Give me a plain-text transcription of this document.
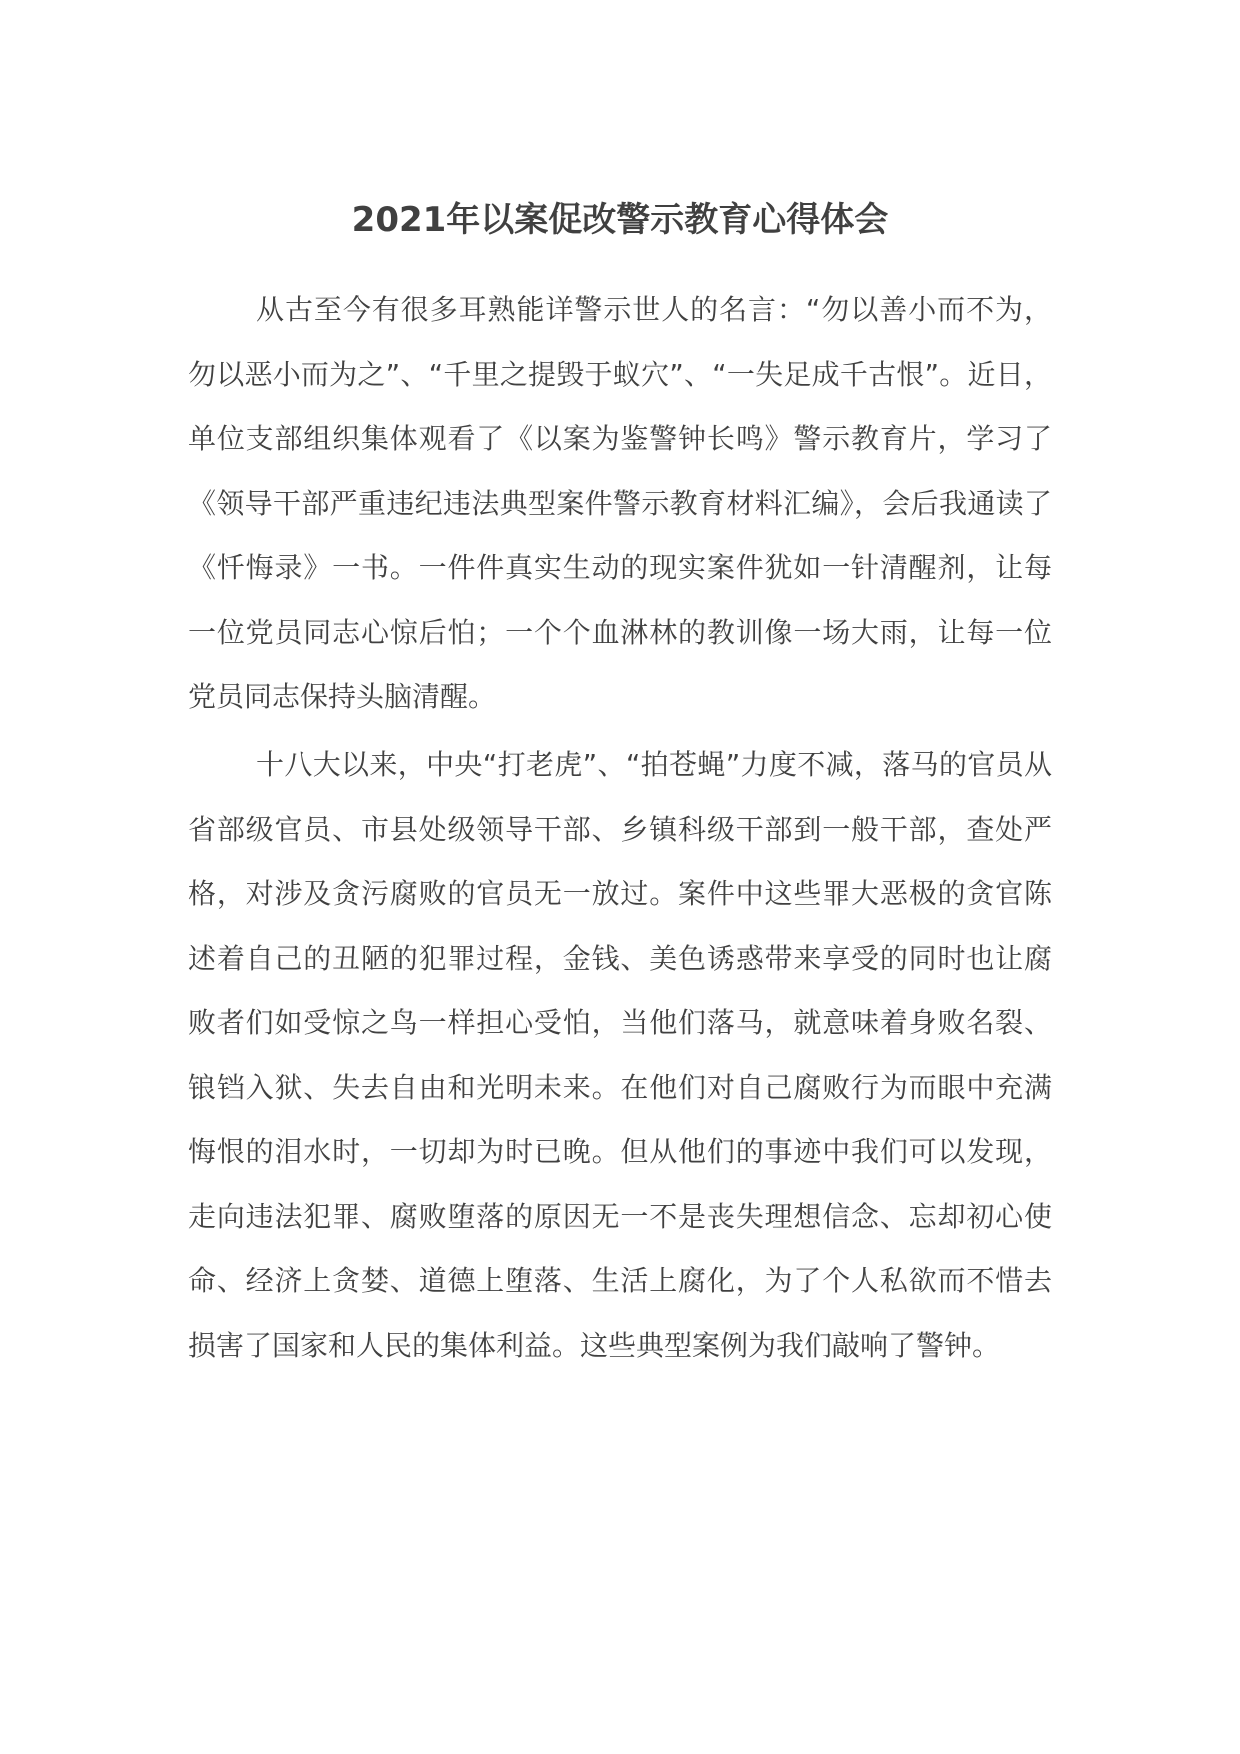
2021年以案促改警示教育心得体会

从古至今有很多耳熟能详警示世人的名言：“勿以善小而不为，勿以恶小而为之”、“千里之提毁于蚁穴”、“一失足成千古恨”。近日，单位支部组织集体观看了《以案为鉴警钟长鸣》警示教育片，学习了《领导干部严重违纪违法典型案件警示教育材料汇编》，会后我通读了《忏悔录》一书。一件件真实生动的现实案件犹如一针清醒剂，让每一位党员同志心惊后怕；一个个血淋林的教训像一场大雨，让每一位党员同志保持头脑清醒。

十八大以来，中央“打老虎”、“拍苍蝇”力度不减，落马的官员从省部级官员、市县处级领导干部、乡镇科级干部到一般干部，查处严格，对涉及贪污腐败的官员无一放过。案件中这些罪大恶极的贪官陈述着自己的丑陋的犯罪过程，金钱、美色诱惑带来享受的同时也让腐败者们如受惊之鸟一样担心受怕，当他们落马，就意味着身败名裂、锒铛入狱、失去自由和光明未来。在他们对自己腐败行为而眼中充满悔恨的泪水时，一切却为时已晚。但从他们的事迹中我们可以发现，走向违法犯罪、腐败堕落的原因无一不是丧失理想信念、忘却初心使命、经济上贪婪、道德上堕落、生活上腐化，为了个人私欲而不惜去损害了国家和人民的集体利益。这些典型案例为我们敲响了警钟。
